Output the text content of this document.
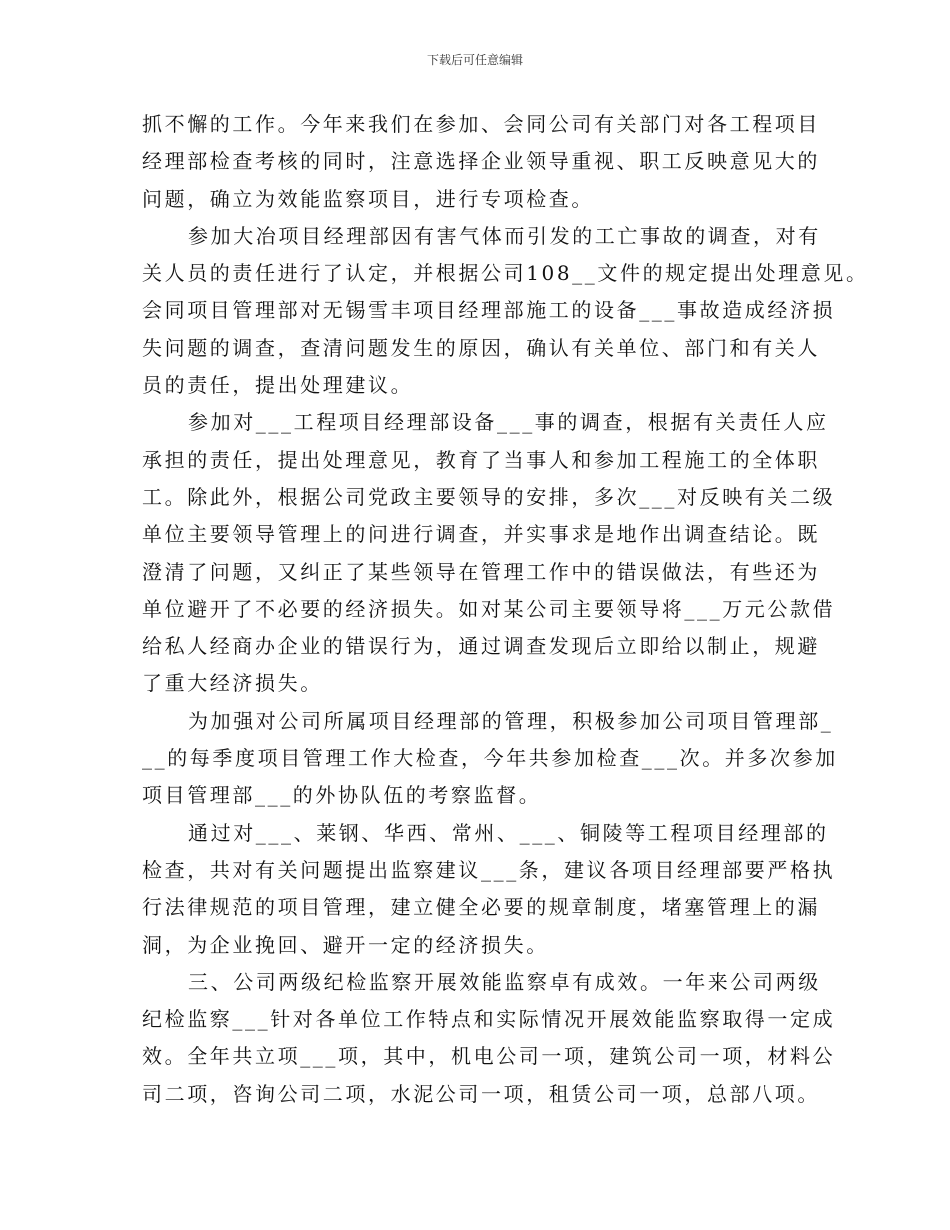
下载后可任意编辑
抓不懈的工作。今年来我们在参加、会同公司有关部门对各工程项目
经理部检查考核的同时，注意选择企业领导重视、职工反映意见大的
问题，确立为效能监察项目，进行专项检查。
参加大冶项目经理部因有害气体而引发的工亡事故的调查，对有
关人员的责任进行了认定，并根据公司108__文件的规定提出处理意见。
会同项目管理部对无锡雪丰项目经理部施工的设备___事故造成经济损
失问题的调查，查清问题发生的原因，确认有关单位、部门和有关人
员的责任，提出处理建议。
参加对___工程项目经理部设备___事的调查，根据有关责任人应
承担的责任，提出处理意见，教育了当事人和参加工程施工的全体职
工。除此外，根据公司党政主要领导的安排，多次___对反映有关二级
单位主要领导管理上的问进行调查，并实事求是地作出调查结论。既
澄清了问题，又纠正了某些领导在管理工作中的错误做法，有些还为
单位避开了不必要的经济损失。如对某公司主要领导将___万元公款借
给私人经商办企业的错误行为，通过调查发现后立即给以制止，规避
了重大经济损失。
为加强对公司所属项目经理部的管理，积极参加公司项目管理部_
__的每季度项目管理工作大检查，今年共参加检查___次。并多次参加
项目管理部___的外协队伍的考察监督。
通过对___、莱钢、华西、常州、___、铜陵等工程项目经理部的
检查，共对有关问题提出监察建议___条，建议各项目经理部要严格执
行法律规范的项目管理，建立健全必要的规章制度，堵塞管理上的漏
洞，为企业挽回、避开一定的经济损失。
三、公司两级纪检监察开展效能监察卓有成效。一年来公司两级
纪检监察___针对各单位工作特点和实际情况开展效能监察取得一定成
效。全年共立项___项，其中，机电公司一项，建筑公司一项，材料公
司二项，咨询公司二项，水泥公司一项，租赁公司一项，总部八项。
